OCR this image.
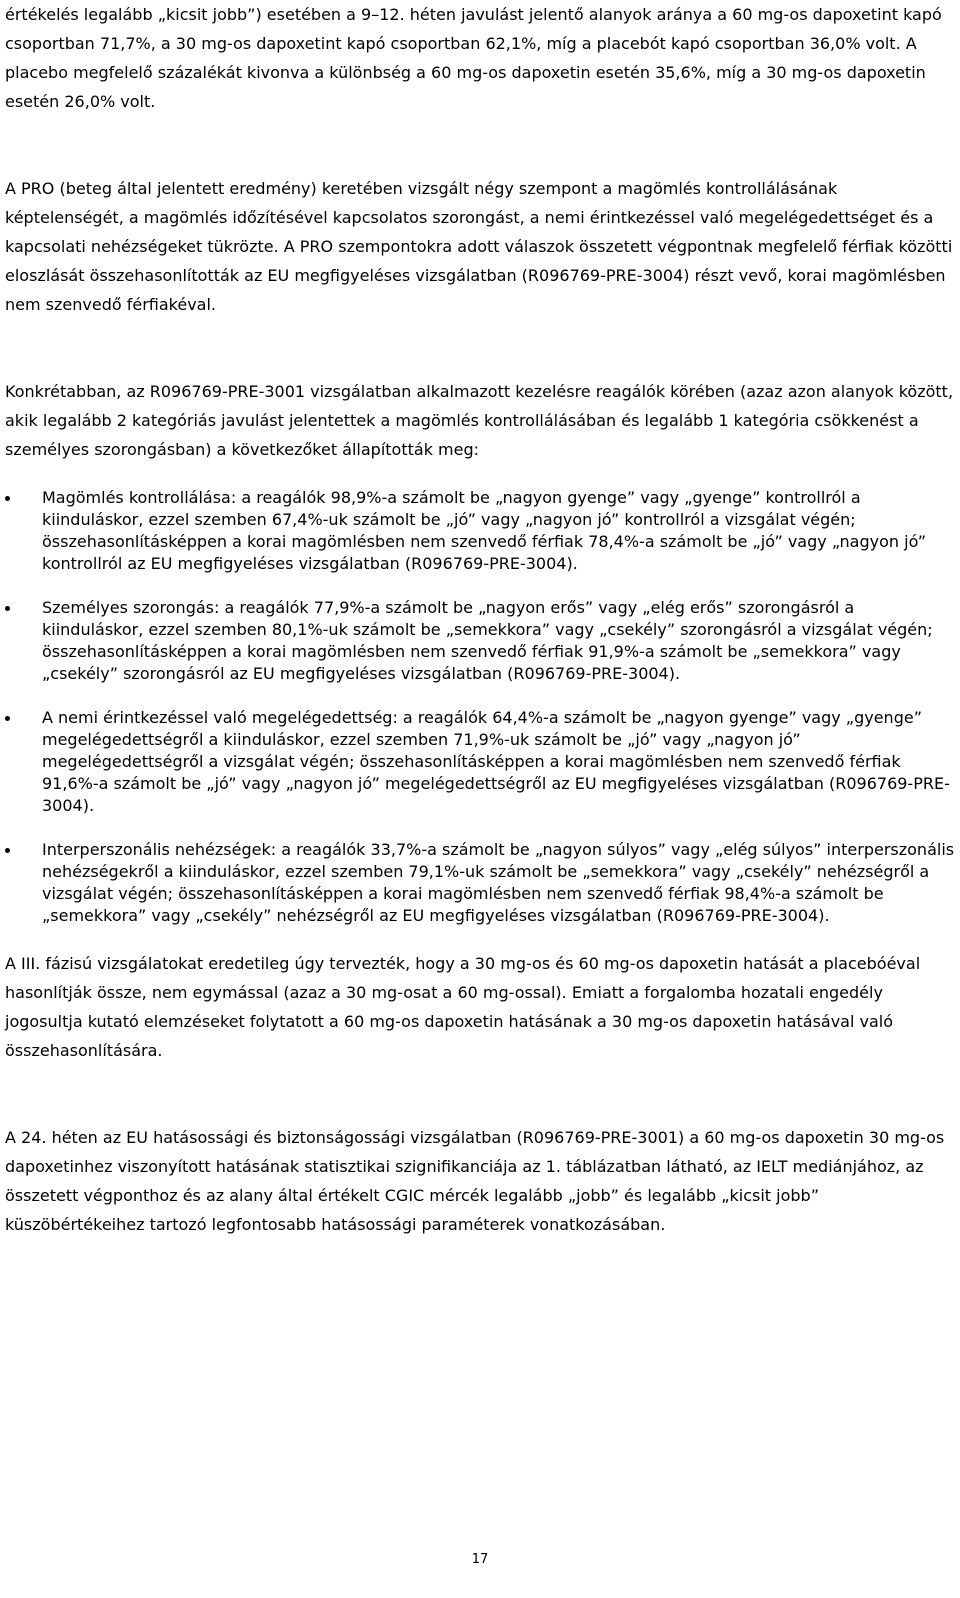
értékelés legalább „kicsit jobb”) esetében a 9–12. héten javulást jelentő alanyok aránya a 60 mg-os dapoxetint kapó csoportban 71,7%, a 30 mg-os dapoxetint kapó csoportban 62,1%, míg a placebót kapó csoportban 36,0% volt. A placebo megfelelő százalékát kivonva a különbség a 60 mg-os dapoxetin esetén 35,6%, míg a 30 mg-os dapoxetin esetén 26,0% volt.

A PRO (beteg által jelentett eredmény) keretében vizsgált négy szempont a magömlés kontrollálásának képtelenségét, a magömlés időzítésével kapcsolatos szorongást, a nemi érintkezéssel való megelégedettséget és a kapcsolati nehézségeket tükrözte. A PRO szempontokra adott válaszok összetett végpontnak megfelelő férfiak közötti eloszlását összehasonlították az EU megfigyeléses vizsgálatban (R096769-PRE-3004) részt vevő, korai magömlésben nem szenvedő férfiakéval.

Konkrétabban, az R096769-PRE-3001 vizsgálatban alkalmazott kezelésre reagálók körében (azaz azon alanyok között, akik legalább 2 kategóriás javulást jelentettek a magömlés kontrollálásában és legalább 1 kategória csökkenést a személyes szorongásban) a következőket állapították meg:

Magömlés kontrollálása: a reagálók 98,9%-a számolt be „nagyon gyenge” vagy „gyenge” kontrollról a kiinduláskor, ezzel szemben 67,4%-uk számolt be „jó” vagy „nagyon jó” kontrollról a vizsgálat végén; összehasonlításképpen a korai magömlésben nem szenvedő férfiak 78,4%-a számolt be „jó” vagy „nagyon jó” kontrollról az EU megfigyeléses vizsgálatban (R096769-PRE-3004).
Személyes szorongás: a reagálók 77,9%-a számolt be „nagyon erős” vagy „elég erős” szorongásról a kiinduláskor, ezzel szemben 80,1%-uk számolt be „semekkora” vagy „csekély” szorongásról a vizsgálat végén; összehasonlításképpen a korai magömlésben nem szenvedő férfiak 91,9%-a számolt be „semekkora” vagy „csekély” szorongásról az EU megfigyeléses vizsgálatban (R096769-PRE-3004).
A nemi érintkezéssel való megelégedettség: a reagálók 64,4%-a számolt be „nagyon gyenge” vagy „gyenge” megelégedettségről a kiinduláskor, ezzel szemben 71,9%-uk számolt be „jó” vagy „nagyon jó” megelégedettségről a vizsgálat végén; összehasonlításképpen a korai magömlésben nem szenvedő férfiak 91,6%-a számolt be „jó” vagy „nagyon jó” megelégedettségről az EU megfigyeléses vizsgálatban (R096769-PRE-3004).
Interperszonális nehézségek: a reagálók 33,7%-a számolt be „nagyon súlyos” vagy „elég súlyos” interperszonális nehézségekről a kiinduláskor, ezzel szemben 79,1%-uk számolt be „semekkora” vagy „csekély” nehézségről a vizsgálat végén; összehasonlításképpen a korai magömlésben nem szenvedő férfiak 98,4%-a számolt be „semekkora” vagy „csekély” nehézségről az EU megfigyeléses vizsgálatban (R096769-PRE-3004).

A III. fázisú vizsgálatokat eredetileg úgy tervezték, hogy a 30 mg-os és 60 mg-os dapoxetin hatását a placebóéval hasonlítják össze, nem egymással (azaz a 30 mg-osat a 60 mg-ossal). Emiatt a forgalomba hozatali engedély jogosultja kutató elemzéseket folytatott a 60 mg-os dapoxetin hatásának a 30 mg-os dapoxetin hatásával való összehasonlítására.

A 24. héten az EU hatásossági és biztonságossági vizsgálatban (R096769-PRE-3001) a 60 mg-os dapoxetin 30 mg-os dapoxetinhez viszonyított hatásának statisztikai szignifikanciája az 1. táblázatban látható, az IELT mediánjához, az összetett végponthoz és az alany által értékelt CGIC mércék legalább „jobb” és legalább „kicsit jobb” küszöbértékeihez tartozó legfontosabb hatásossági paraméterek vonatkozásában.

17
